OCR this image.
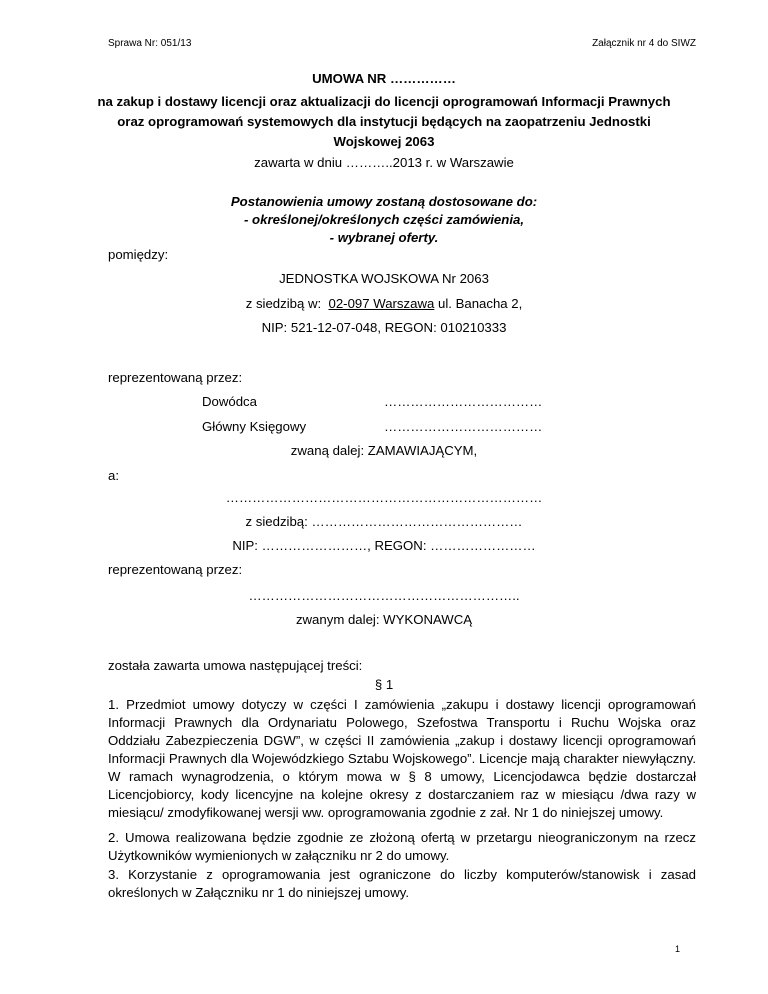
Sprawa Nr: 051/13	Załącznik nr 4 do SIWZ
UMOWA NR ……………
na zakup i dostawy licencji oraz aktualizacji do licencji oprogramowań Informacji Prawnych
oraz oprogramowań systemowych dla instytucji będących na zaopatrzeniu Jednostki
Wojskowej 2063
zawarta w dniu ………..2013 r. w Warszawie
Postanowienia umowy zostaną dostosowane do:
- określonej/określonych części zamówienia,
- wybranej oferty.
pomiędzy:
JEDNOSTKA WOJSKOWA Nr 2063
z siedzibą w: 02-097 Warszawa ul. Banacha 2,
NIP: 521-12-07-048, REGON: 010210333
reprezentowaną przez:
Dowódca	………………………………
Główny Księgowy	………………………………
zwaną dalej: ZAMAWIAJĄCYM,
a:
………………………………………………………………
z siedzibą: …………………………………………
NIP: ……………………, REGON: ……………………
reprezentowaną przez:
……………………………………………………..
zwanym dalej: WYKONAWCĄ
została zawarta umowa następującej treści:
§ 1

1. Przedmiot umowy dotyczy w części I zamówienia „zakupu i dostawy licencji oprogramowań Informacji Prawnych dla Ordynariatu Polowego, Szefostwa Transportu i Ruchu Wojska oraz Oddziału Zabezpieczenia DGW”, w części II zamówienia „zakup i dostawy licencji oprogramowań Informacji Prawnych dla Wojewódzkiego Sztabu Wojskowego”. Licencje mają charakter niewyłączny. W ramach wynagrodzenia, o którym mowa w § 8 umowy, Licencjodawca będzie dostarczał Licencjobiorcy, kody licencyjne na kolejne okresy z dostarczaniem raz w miesiącu /dwa razy w miesiącu/ zmodyfikowanej wersji ww. oprogramowania zgodnie z zał. Nr 1 do niniejszej umowy.

2. Umowa realizowana będzie zgodnie ze złożoną ofertą w przetargu nieograniczonym na rzecz Użytkowników wymienionych w załączniku nr 2 do umowy.

3. Korzystanie z oprogramowania jest ograniczone do liczby komputerów/stanowisk i zasad określonych w Załączniku nr 1 do niniejszej umowy.

1
